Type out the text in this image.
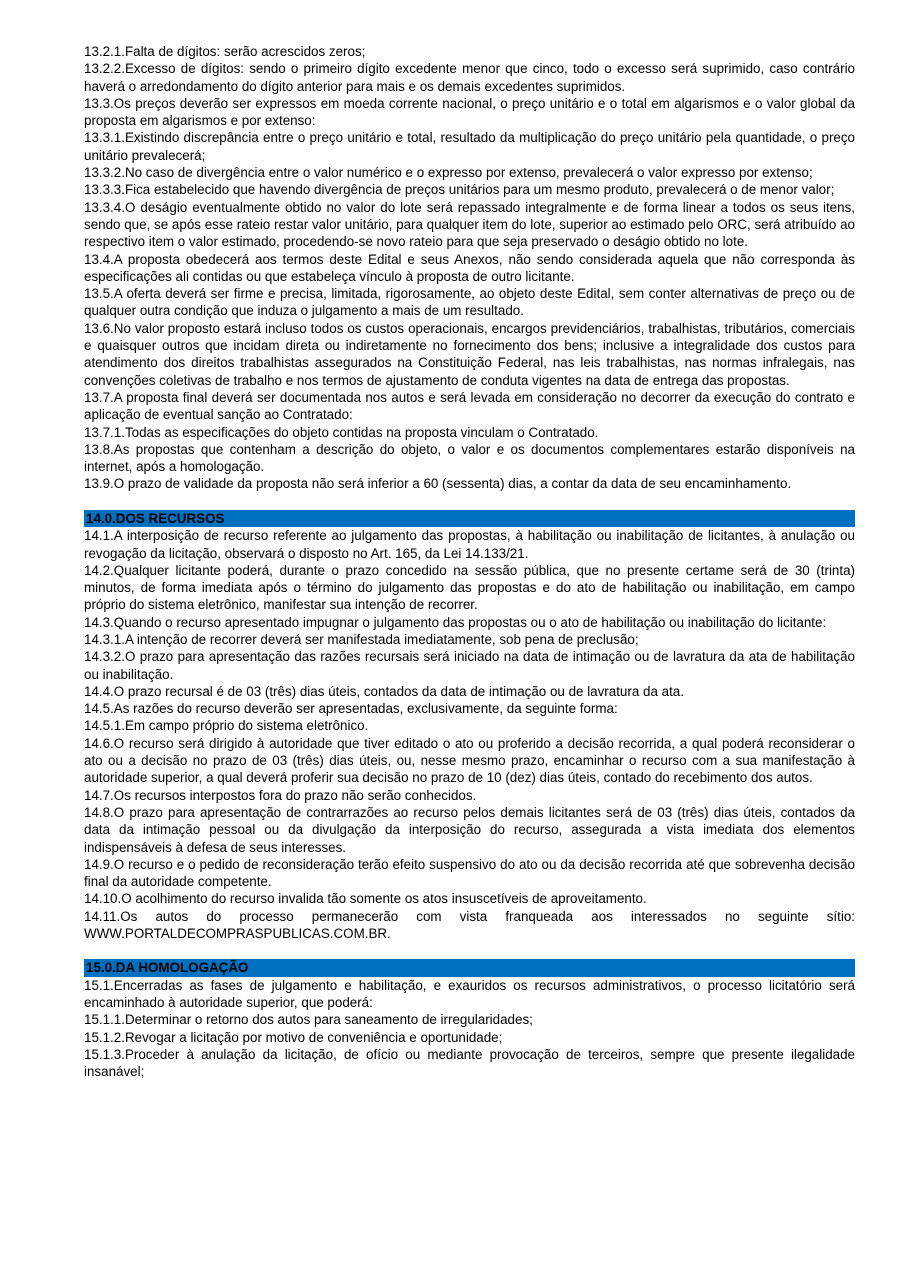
13.2.1.Falta de dígitos: serão acrescidos zeros;

13.2.2.Excesso de dígitos: sendo o primeiro dígito excedente menor que cinco, todo o excesso será suprimido, caso contrário haverá o arredondamento do dígito anterior para mais e os demais excedentes suprimidos.

13.3.Os preços deverão ser expressos em moeda corrente nacional, o preço unitário e o total em algarismos e o valor global da proposta em algarismos e por extenso:

13.3.1.Existindo discrepância entre o preço unitário e total, resultado da multiplicação do preço unitário pela quantidade, o preço unitário prevalecerá;

13.3.2.No caso de divergência entre o valor numérico e o expresso por extenso, prevalecerá o valor expresso por extenso;

13.3.3.Fica estabelecido que havendo divergência de preços unitários para um mesmo produto, prevalecerá o de menor valor;

13.3.4.O deságio eventualmente obtido no valor do lote será repassado integralmente e de forma linear a todos os seus itens, sendo que, se após esse rateio restar valor unitário, para qualquer item do lote, superior ao estimado pelo ORC, será atribuído ao respectivo item o valor estimado, procedendo-se novo rateio para que seja preservado o deságio obtido no lote.

13.4.A proposta obedecerá aos termos deste Edital e seus Anexos, não sendo considerada aquela que não corresponda às especificações ali contidas ou que estabeleça vínculo à proposta de outro licitante.

13.5.A oferta deverá ser firme e precisa, limitada, rigorosamente, ao objeto deste Edital, sem conter alternativas de preço ou de qualquer outra condição que induza o julgamento a mais de um resultado.

13.6.No valor proposto estará incluso todos os custos operacionais, encargos previdenciários, trabalhistas, tributários, comerciais e quaisquer outros que incidam direta ou indiretamente no fornecimento dos bens; inclusive a integralidade dos custos para atendimento dos direitos trabalhistas assegurados na Constituição Federal, nas leis trabalhistas, nas normas infralegais, nas convenções coletivas de trabalho e nos termos de ajustamento de conduta vigentes na data de entrega das propostas.

13.7.A proposta final deverá ser documentada nos autos e será levada em consideração no decorrer da execução do contrato e aplicação de eventual sanção ao Contratado:

13.7.1.Todas as especificações do objeto contidas na proposta vinculam o Contratado.

13.8.As propostas que contenham a descrição do objeto, o valor e os documentos complementares estarão disponíveis na internet, após a homologação.

13.9.O prazo de validade da proposta não será inferior a 60 (sessenta) dias, a contar da data de seu encaminhamento.

14.0.DOS RECURSOS

14.1.A interposição de recurso referente ao julgamento das propostas, à habilitação ou inabilitação de licitantes, à anulação ou revogação da licitação, observará o disposto no Art. 165, da Lei 14.133/21.

14.2.Qualquer licitante poderá, durante o prazo concedido na sessão pública, que no presente certame será de 30 (trinta) minutos, de forma imediata após o término do julgamento das propostas e do ato de habilitação ou inabilitação, em campo próprio do sistema eletrônico, manifestar sua intenção de recorrer.

14.3.Quando o recurso apresentado impugnar o julgamento das propostas ou o ato de habilitação ou inabilitação do licitante:

14.3.1.A intenção de recorrer deverá ser manifestada imediatamente, sob pena de preclusão;

14.3.2.O prazo para apresentação das razões recursais será iniciado na data de intimação ou de lavratura da ata de habilitação ou inabilitação.

14.4.O prazo recursal é de 03 (três) dias úteis, contados da data de intimação ou de lavratura da ata.

14.5.As razões do recurso deverão ser apresentadas, exclusivamente, da seguinte forma:

14.5.1.Em campo próprio do sistema eletrônico.

14.6.O recurso será dirigido à autoridade que tiver editado o ato ou proferido a decisão recorrida, a qual poderá reconsiderar o ato ou a decisão no prazo de 03 (três) dias úteis, ou, nesse mesmo prazo, encaminhar o recurso com a sua manifestação à autoridade superior, a qual deverá proferir sua decisão no prazo de 10 (dez) dias úteis, contado do recebimento dos autos.

14.7.Os recursos interpostos fora do prazo não serão conhecidos.

14.8.O prazo para apresentação de contrarrazões ao recurso pelos demais licitantes será de 03 (três) dias úteis, contados da data da intimação pessoal ou da divulgação da interposição do recurso, assegurada a vista imediata dos elementos indispensáveis à defesa de seus interesses.

14.9.O recurso e o pedido de reconsideração terão efeito suspensivo do ato ou da decisão recorrida até que sobrevenha decisão final da autoridade competente.

14.10.O acolhimento do recurso invalida tão somente os atos insuscetíveis de aproveitamento.

14.11.Os autos do processo permanecerão com vista franqueada aos interessados no seguinte sítio: WWW.PORTALDECOMPRASPUBLICAS.COM.BR.

15.0.DA HOMOLOGAÇÃO

15.1.Encerradas as fases de julgamento e habilitação, e exauridos os recursos administrativos, o processo licitatório será encaminhado à autoridade superior, que poderá:

15.1.1.Determinar o retorno dos autos para saneamento de irregularidades;

15.1.2.Revogar a licitação por motivo de conveniência e oportunidade;

15.1.3.Proceder à anulação da licitação, de ofício ou mediante provocação de terceiros, sempre que presente ilegalidade insanável;
